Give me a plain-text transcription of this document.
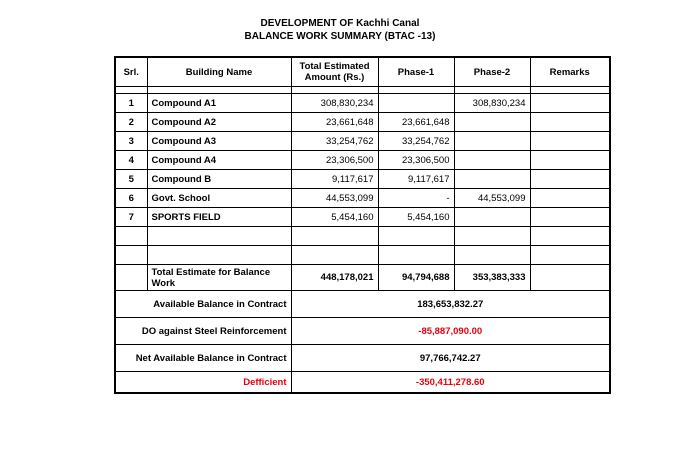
DEVELOPMENT OF Kachhi Canal
BALANCE WORK SUMMARY (BTAC -13)
Srl.	Building Name	Total Estimated Amount (Rs.)	Phase-1	Phase-2	Remarks

1	Compound A1	308,830,234		308,830,234	
2	Compound A2	23,661,648	23,661,648		
3	Compound A3	33,254,762	33,254,762		
4	Compound A4	23,306,500	23,306,500		
5	Compound B	9,117,617	9,117,617		
6	Govt. School	44,553,099	-	44,553,099	
7	SPORTS FIELD	5,454,160	5,454,160		

	Total Estimate for Balance Work	448,178,021	94,794,688	353,383,333	
Available Balance in Contract		183,653,832.27			
DO against Steel Reinforcement		-85,887,090.00			
Net Available Balance in Contract		97,766,742.27			
Defficient		-350,411,278.60			
